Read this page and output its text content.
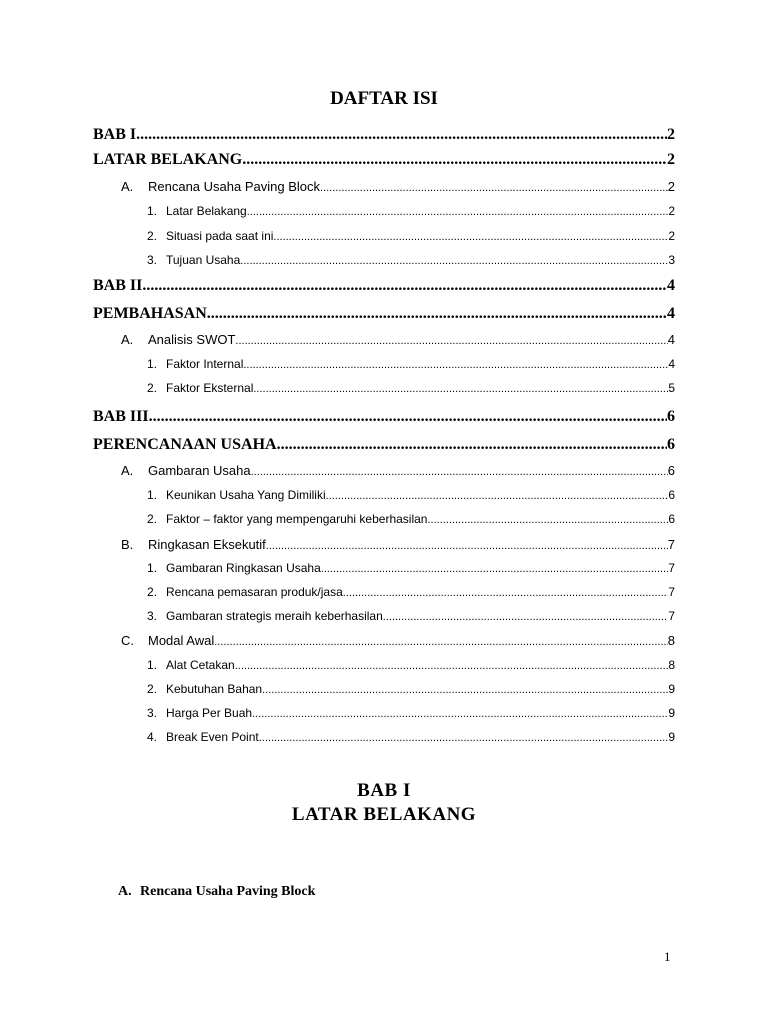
DAFTAR ISI
BAB I .....	2
LATAR BELAKANG .....	2
A.	Rencana Usaha Paving Block .....	2
1. Latar Belakang .....	2
2. Situasi pada saat ini .....	2
3. Tujuan Usaha .....	3
BAB II .....	4
PEMBAHASAN .....	4
A.	Analisis SWOT .....	4
1. Faktor Internal .....	4
2. Faktor Eksternal .....	5
BAB III .....	6
PERENCANAAN USAHA .....	6
A.	Gambaran Usaha .....	6
1. Keunikan Usaha Yang Dimiliki .....	6
2. Faktor – faktor yang mempengaruhi keberhasilan .....	6
B.	Ringkasan Eksekutif .....	7
1. Gambaran Ringkasan Usaha .....	7
2. Rencana pemasaran produk/jasa .....	7
3. Gambaran strategis meraih keberhasilan .....	7
C.	Modal Awal .....	8
1. Alat Cetakan .....	8
2. Kebutuhan Bahan .....	9
3. Harga Per Buah .....	9
4. Break Even Point .....	9
BAB I
LATAR BELAKANG
A. Rencana Usaha Paving Block
1
